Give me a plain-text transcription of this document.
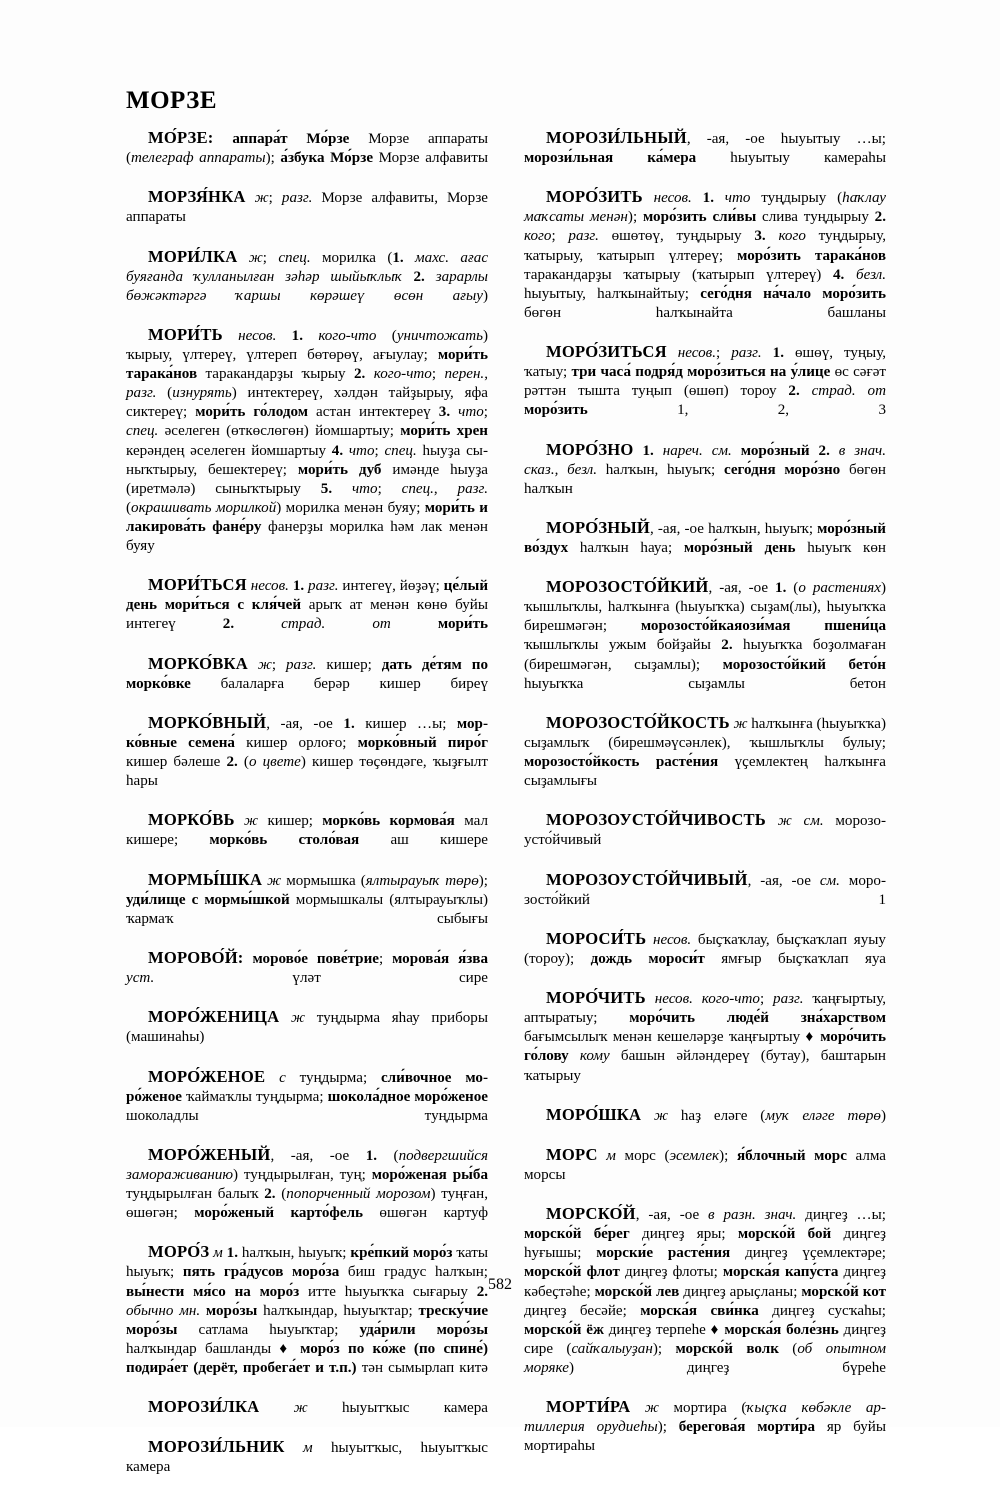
МОРЗЕ

МО́РЗЕ: аппара́т Мо́рзе Морзе аппараты (телеграф аппараты); а́збука Мо́рзе Морзе алфавиты

МОРЗЯ́НКА ж; разг. Морзе алфавиты, Морзе аппараты

МОРИ́ЛКА ж; спец. морилка (1. махс. ағас буяғанда ҡулланылған зәһәр шыйыҡлыҡ 2. зарарлы бөжәктәргә ҡаршы көрәшеү өсөн ағыу)

МОРИ́ТЬ несов. 1. кого-что (уничтожать) ҡырыу, үлтереү, үлтереп бөтөрөү, ағыулау; мори́ть тарака́нов таракандарҙы ҡырыу 2. кого-что; перен., разг. (изнурять) интектереү, хәлдән тайҙырыу, яфа сиктереү; мори́ть го́лодом астан интектереү 3. что; спец. әселеген (өткөслөгөн) йомшартыу; мори́ть хрен керәндең әселеген йомшартыу 4. что; спец. һыуҙа сыныҡтырыу, бешектереү; мори́ть дуб имәнде һыуҙа (иретмәлә) сыныҡтырыу 5. что; спец., разг. (окрашивать морилкой) морилка менән буяу; мори́ть и лакирова́ть фане́ру фанерҙы морилка һәм лак менән буяу

МОРИ́ТЬСЯ несов. 1. разг. интегеү, йөҙәү; це́лый день мори́ться с кля́чей арыҡ ат менән көнө буйы интегеү 2.	страд. от	мори́ть

МОРКО́ВКА ж; разг. кишер; дать де́тям по морко́вке балаларға берәр кишер биреү

МОРКО́ВНЫЙ, -ая, -ое 1. кишер …ы; морко́вные семена́ кишер орлоғо; морко́вный пиро́г кишер бәлеше 2. (о цвете) кишер төҫөндәге, ҡыҙғылт һары

МОРКО́ВЬ ж кишер; морко́вь кормова́я мал кишере; морко́вь столо́вая аш кишере

МОРМЫ́ШКА ж мормышка (ялтырауыҡ төрө); уди́лище с мормы́шкой мормышкалы (ялтырауыҡлы) ҡармаҡ сыбығы

МОРОВО́Й: морово́е пове́трие; морова́я я́зва уст. үләт сире

МОРО́ЖЕНИЦА ж туңдырма яһау приборы (машинаһы)

МОРО́ЖЕНОЕ с туңдырма; сли́вочное моро́женое ҡаймаҡлы туңдырма; шокола́дное моро́женое шоколадлы туңдырма

МОРО́ЖЕНЫЙ, -ая, -ое 1. (подвергшийся замораживанию) туңдырылған, туң; моро́женая ры́ба туңдырылған балыҡ 2. (попорченный морозом) туңған, өшөгән; моро́женый карто́фель өшөгән картуф

МОРО́З м 1. һалҡын, һыуыҡ; кре́пкий моро́з ҡаты һыуыҡ; пять гра́дусов моро́за биш градус һалҡын; вы́нести мя́со на моро́з итте һыуыҡҡа сығарыу 2. обычно мн. моро́зы һалҡындар, һыуыҡтар; треску́чие моро́зы сатлама һыуыҡтар; уда́рили моро́зы һалҡындар башланды ♦ моро́з по ко́же (по спине́) подира́ет (дерёт, пробега́ет и т.п.) тән сымырлап китә

МОРОЗИ́ЛКА ж һыуытҡыс камера

МОРОЗИ́ЛЬНИК м һыуытҡыс, һыуытҡыс камера

МОРОЗИ́ЛЬНЫЙ, -ая, -ое һыуытыу …ы; морози́льная ка́мера һыуытыу камераһы

МОРО́ЗИТЬ несов. 1. что туңдырыу (һаҡлау маҡсаты менән); моро́зить сли́вы слива туңдырыу 2. кого; разг. өшөтөү, туңдырыу 3. кого туңдырыу, ҡатырыу, ҡатырып үлтереү; моро́зить тарака́нов таракандарҙы ҡатырыу (ҡатырып үлтереү) 4. безл. һыуытыу, һалҡынайтыу; сего́дня на́чало моро́зить бөгөн һалҡынайта башланы

МОРО́ЗИТЬСЯ несов.; разг. 1. өшөү, туңыу, ҡатыу; три часа́ подря́д моро́зиться на у́лице өс сәғәт рәттән тышта туңып (өшөп) тороу 2. страд. от моро́зить 1, 2, 3

МОРО́ЗНО 1. нареч. см. моро́зный 2. в знач. сказ., безл. һалҡын, һыуыҡ; сего́дня моро́зно бөгөн һалҡын

МОРО́ЗНЫЙ, -ая, -ое һалҡын, һыуыҡ; моро́зный во́здух һалҡын һауа; моро́зный день һыуыҡ көн

МОРОЗОСТО́ЙКИЙ, -ая, -ое 1. (о растениях) ҡышлыҡлы, һалҡынға (һыуыҡҡа) сыҙам(лы), һыуыҡҡа бирешмәгән; морозосто́йкаяози́мая пшени́ца ҡышлыҡлы ужым бойҙайы 2. һыуыҡҡа боҙолмаған (бирешмәгән, сыҙамлы); морозосто́йкий бето́н һыуыҡҡа сыҙамлы бетон

МОРОЗОСТО́ЙКОСТЬ ж һалҡынға (һыуыҡҡа) сыҙамлыҡ (бирешмәүсәнлек), ҡышлыҡлы булыу; морозосто́йкость расте́ния үҫемлектең һалҡынға сыҙамлығы

МОРОЗОУСТО́ЙЧИВОСТЬ ж см. морозоусто́йчивый

МОРОЗОУСТО́ЙЧИВЫЙ, -ая, -ое см. морозосто́йкий 1

МОРОСИ́ТЬ несов. быҫҡаҡлау, быҫҡаҡлап яуыу (тороу); дождь мороси́т ямғыр быҫҡаҡлап яуа

МОРО́ЧИТЬ несов. кого-что; разг. ҡаңғыртыу, аптыратыу; моро́чить люде́й зна́харством бағымсылыҡ менән кешеләрҙе ҡаңғыртыу ♦ моро́чить го́лову кому башын әйләндереү (бутау), баштарын ҡатырыу

МОРО́ШКА ж һаҙ еләге (муҡ еләге төрө)

МОРС м морс (эсемлек); я́блочный морс алма морсы

МОРСКО́Й, -ая, -ое в разн. знач. диңгеҙ …ы; морско́й бе́рег диңгеҙ яры; морско́й бой диңгеҙ һуғышы; морски́е расте́ния диңгеҙ үҫемлектәре; морско́й флот диңгеҙ флоты; морска́я капу́ста диңгеҙ кәбеҫтәһе; морско́й лев диңгеҙ арыҫланы; морско́й кот диңгеҙ бесәйе; морска́я сви́нка диңгеҙ сусҡаһы; морско́й ёж диңгеҙ терпеһе ♦ морска́я боле́знь диңгеҙ сире (сайҡалыуҙан); морско́й волк (об опытном моряке) диңгеҙ бүреһе

МОРТИ́РА ж мортира (ҡыҫҡа көбәкле артиллерия орудиеһы); берегова́я морти́ра яр буйы мортираһы

582
